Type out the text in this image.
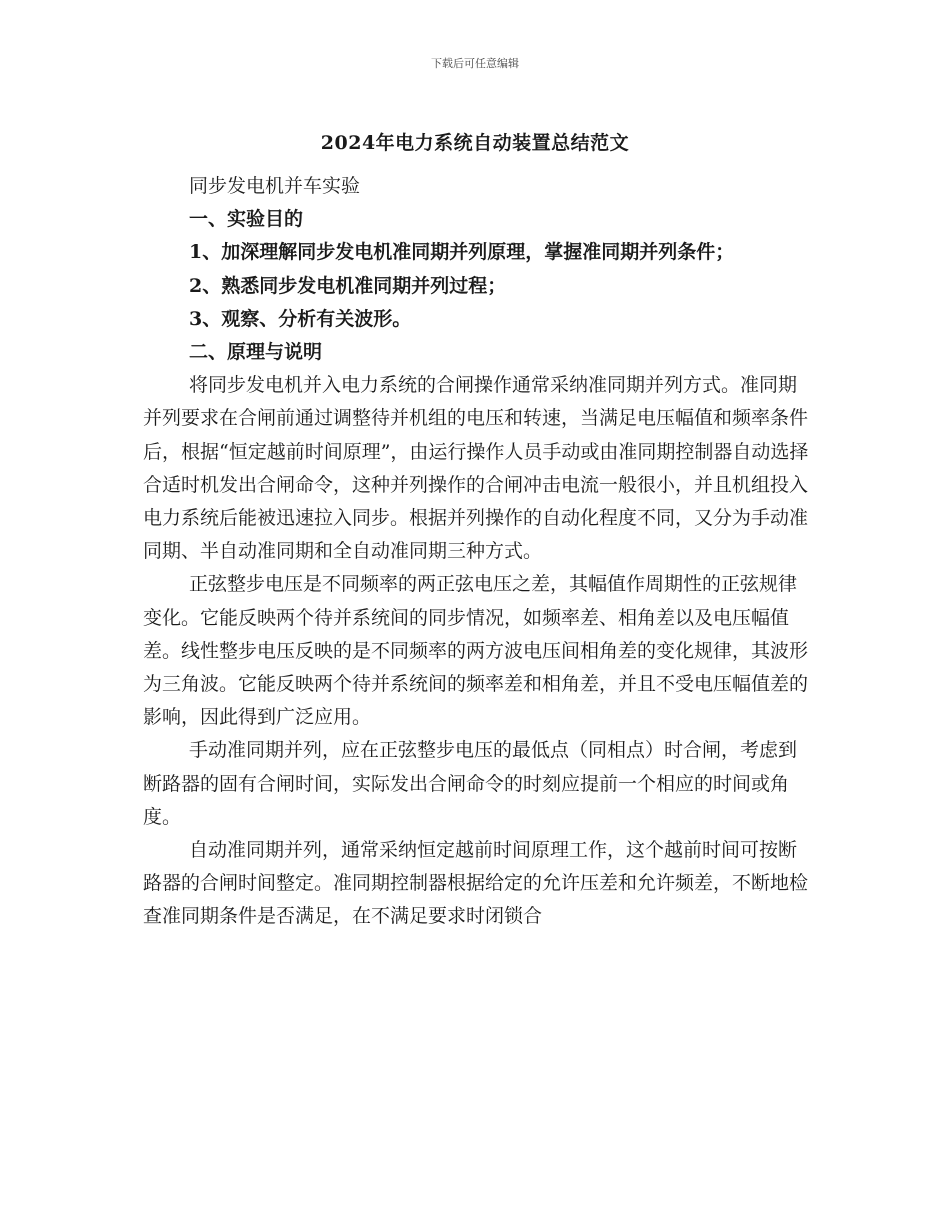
下载后可任意编辑
2024年电力系统自动装置总结范文

同步发电机并车实验

一、实验目的

1、加深理解同步发电机准同期并列原理，掌握准同期并列条件；

2、熟悉同步发电机准同期并列过程；

3、观察、分析有关波形。

二、原理与说明

将同步发电机并入电力系统的合闸操作通常采纳准同期并列方式。准同期并列要求在合闸前通过调整待并机组的电压和转速，当满足电压幅值和频率条件后，根据“恒定越前时间原理”，由运行操作人员手动或由准同期控制器自动选择合适时机发出合闸命令，这种并列操作的合闸冲击电流一般很小，并且机组投入电力系统后能被迅速拉入同步。根据并列操作的自动化程度不同，又分为手动准同期、半自动准同期和全自动准同期三种方式。

正弦整步电压是不同频率的两正弦电压之差，其幅值作周期性的正弦规律变化。它能反映两个待并系统间的同步情况，如频率差、相角差以及电压幅值差。线性整步电压反映的是不同频率的两方波电压间相角差的变化规律，其波形为三角波。它能反映两个待并系统间的频率差和相角差，并且不受电压幅值差的影响，因此得到广泛应用。

手动准同期并列，应在正弦整步电压的最低点（同相点）时合闸，考虑到断路器的固有合闸时间，实际发出合闸命令的时刻应提前一个相应的时间或角度。

自动准同期并列，通常采纳恒定越前时间原理工作，这个越前时间可按断路器的合闸时间整定。准同期控制器根据给定的允许压差和允许频差，不断地检查准同期条件是否满足，在不满足要求时闭锁合
